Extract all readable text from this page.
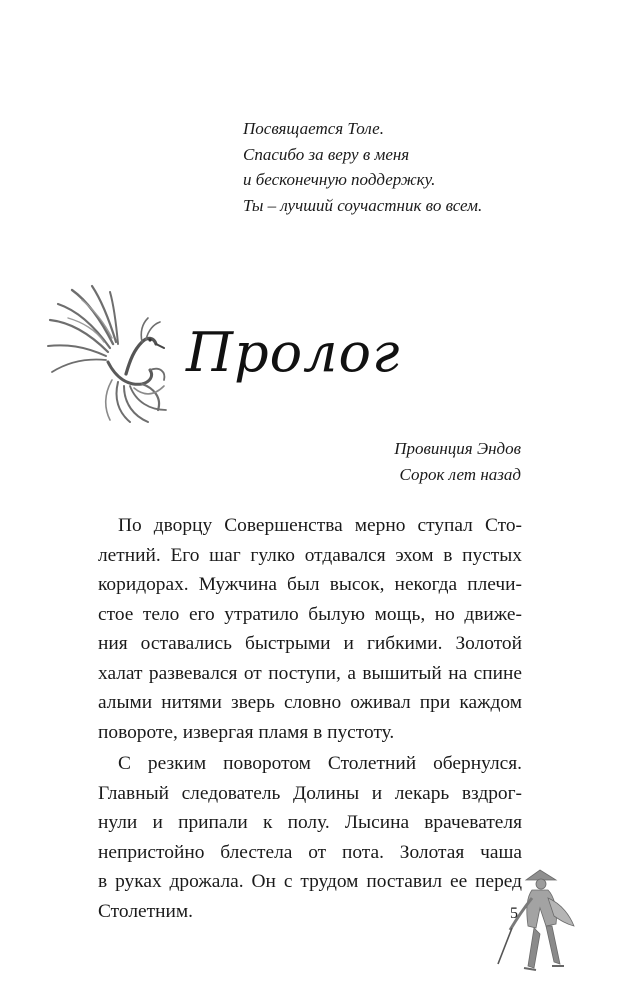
Посвящается Толе.
Спасибо за веру в меня
и бесконечную поддержку.
Ты – лучший соучастник во всем.
Пролог
Провинция Эндов
Сорок лет назад

По дворцу Совершенства мерно ступал Сто-
летний. Его шаг гулко отдавался эхом в пустых
коридорах. Мужчина был высок, некогда плечи-
стое тело его утратило былую мощь, но движе-
ния оставались быстрыми и гибкими. Золотой
халат развевался от поступи, а вышитый на спине
алыми нитями зверь словно оживал при каждом
повороте, извергая пламя в пустоту.

С резким поворотом Столетний обернулся.
Главный следователь Долины и лекарь вздрог-
нули и припали к полу. Лысина врачевателя
непристойно блестела от пота. Золотая чаша
в руках дрожала. Он с трудом поставил ее перед
Столетним.	5
